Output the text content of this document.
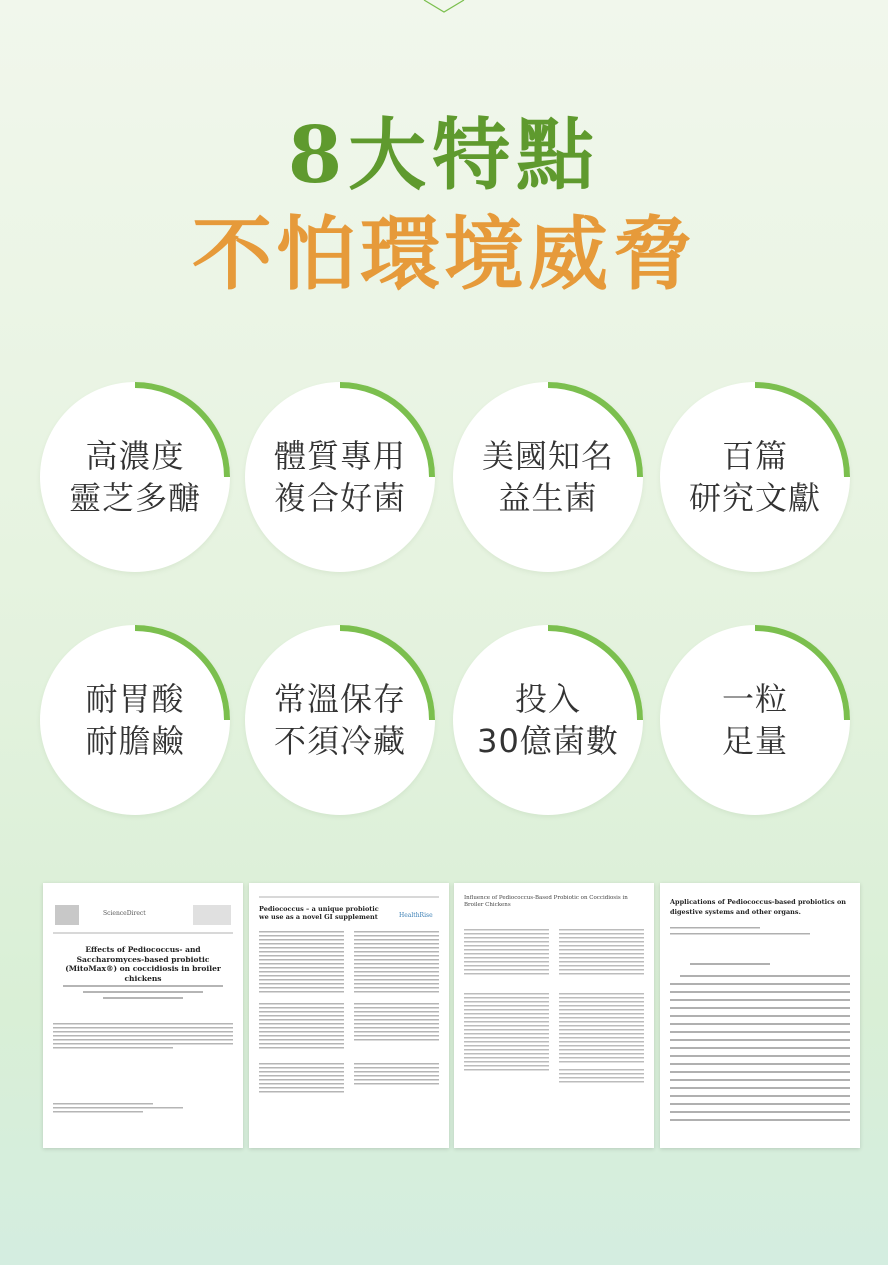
8大特點
不怕環境威脅
高濃度
靈芝多醣
體質專用
複合好菌
美國知名
益生菌
百篇
研究文獻
耐胃酸
耐膽鹼
常溫保存
不須冷藏
投入
30億菌數
一粒
足量
ScienceDirect
Effects of Pediococcus- and Saccharomyces-based probiotic (MitoMax®) on coccidiosis in broiler chickens
Pediococcus – a unique probiotic we use as a novel GI supplement	HealthRise
Influence of Pediococcus-Based Probiotic on Coccidiosis in Broiler Chickens	Applications of Pediococcus-based probiotics on digestive systems and other organs.
